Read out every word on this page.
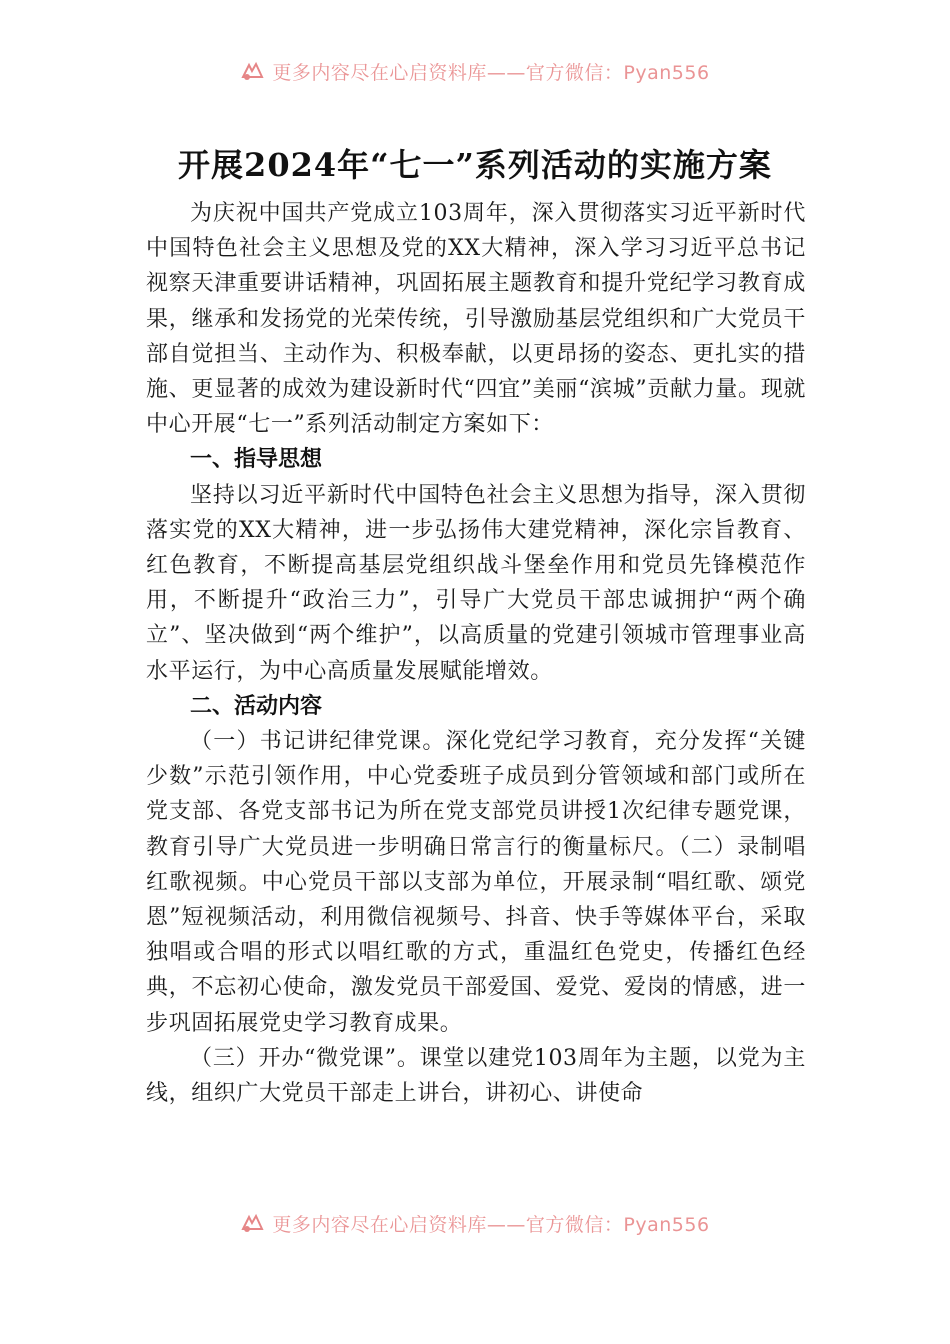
更多内容尽在心启资料库——官方微信：Pyan556
开展2024年“七一”系列活动的实施方案

为庆祝中国共产党成立103周年，深入贯彻落实习近平新时代中国特色社会主义思想及党的XX大精神，深入学习习近平总书记视察天津重要讲话精神，巩固拓展主题教育和提升党纪学习教育成果，继承和发扬党的光荣传统，引导激励基层党组织和广大党员干部自觉担当、主动作为、积极奉献，以更昂扬的姿态、更扎实的措施、更显著的成效为建设新时代“四宜”美丽“滨城”贡献力量。现就中心开展“七一”系列活动制定方案如下：

一、指导思想

坚持以习近平新时代中国特色社会主义思想为指导，深入贯彻落实党的XX大精神，进一步弘扬伟大建党精神，深化宗旨教育、红色教育，不断提高基层党组织战斗堡垒作用和党员先锋模范作用，不断提升“政治三力”，引导广大党员干部忠诚拥护“两个确立”、坚决做到“两个维护”，以高质量的党建引领城市管理事业高水平运行，为中心高质量发展赋能增效。

二、活动内容

（一）书记讲纪律党课。深化党纪学习教育，充分发挥“关键少数”示范引领作用，中心党委班子成员到分管领域和部门或所在党支部、各党支部书记为所在党支部党员讲授1次纪律专题党课，教育引导广大党员进一步明确日常言行的衡量标尺。（二）录制唱红歌视频。中心党员干部以支部为单位，开展录制“唱红歌、颂党恩”短视频活动，利用微信视频号、抖音、快手等媒体平台，采取独唱或合唱的形式以唱红歌的方式，重温红色党史，传播红色经典，不忘初心使命，激发党员干部爱国、爱党、爱岗的情感，进一步巩固拓展党史学习教育成果。

（三）开办“微党课”。课堂以建党103周年为主题，以党为主线，组织广大党员干部走上讲台，讲初心、讲使命

更多内容尽在心启资料库——官方微信：Pyan556
